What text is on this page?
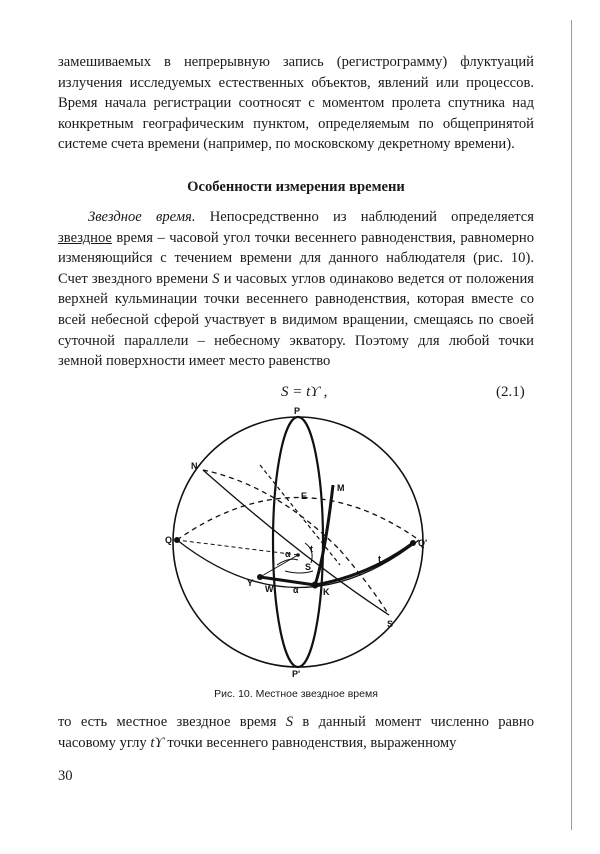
замешиваемых в непрерывную запись (регистрограмму) флуктуаций излучения исследуемых естественных объектов, явлений или процессов. Время начала регистрации соотносят с моментом пролета спутника над конкретным географическим пунктом, определяемым по общепринятой системе счета времени (например, по московскому декретному времени).
Особенности измерения времени

Звездное время. Непосредственно из наблюдений определяется звездное время – часовой угол точки весеннего равноденствия, равномерно изменяющийся с течением времени для данного наблюдателя (рис. 10). Счет звездного времени S и часовых углов одинаково ведется от положения верхней кульминации точки весеннего равноденствия, которая вместе со всей небесной сферой участвует в видимом вращении, смещаясь по своей суточной параллели – небесному экватору. Поэтому для любой точки земной поверхности имеет место равенство

S = tϒ ,	(2.1)
P
P'
N
M
E
Q	Q'
α t
S
t
ϒ
W α	K
S
Рис. 10. Местное звездное время
то есть местное звездное время S в данный момент численно равно часовому углу tϒ точки весеннего равноденствия, выраженному
30
